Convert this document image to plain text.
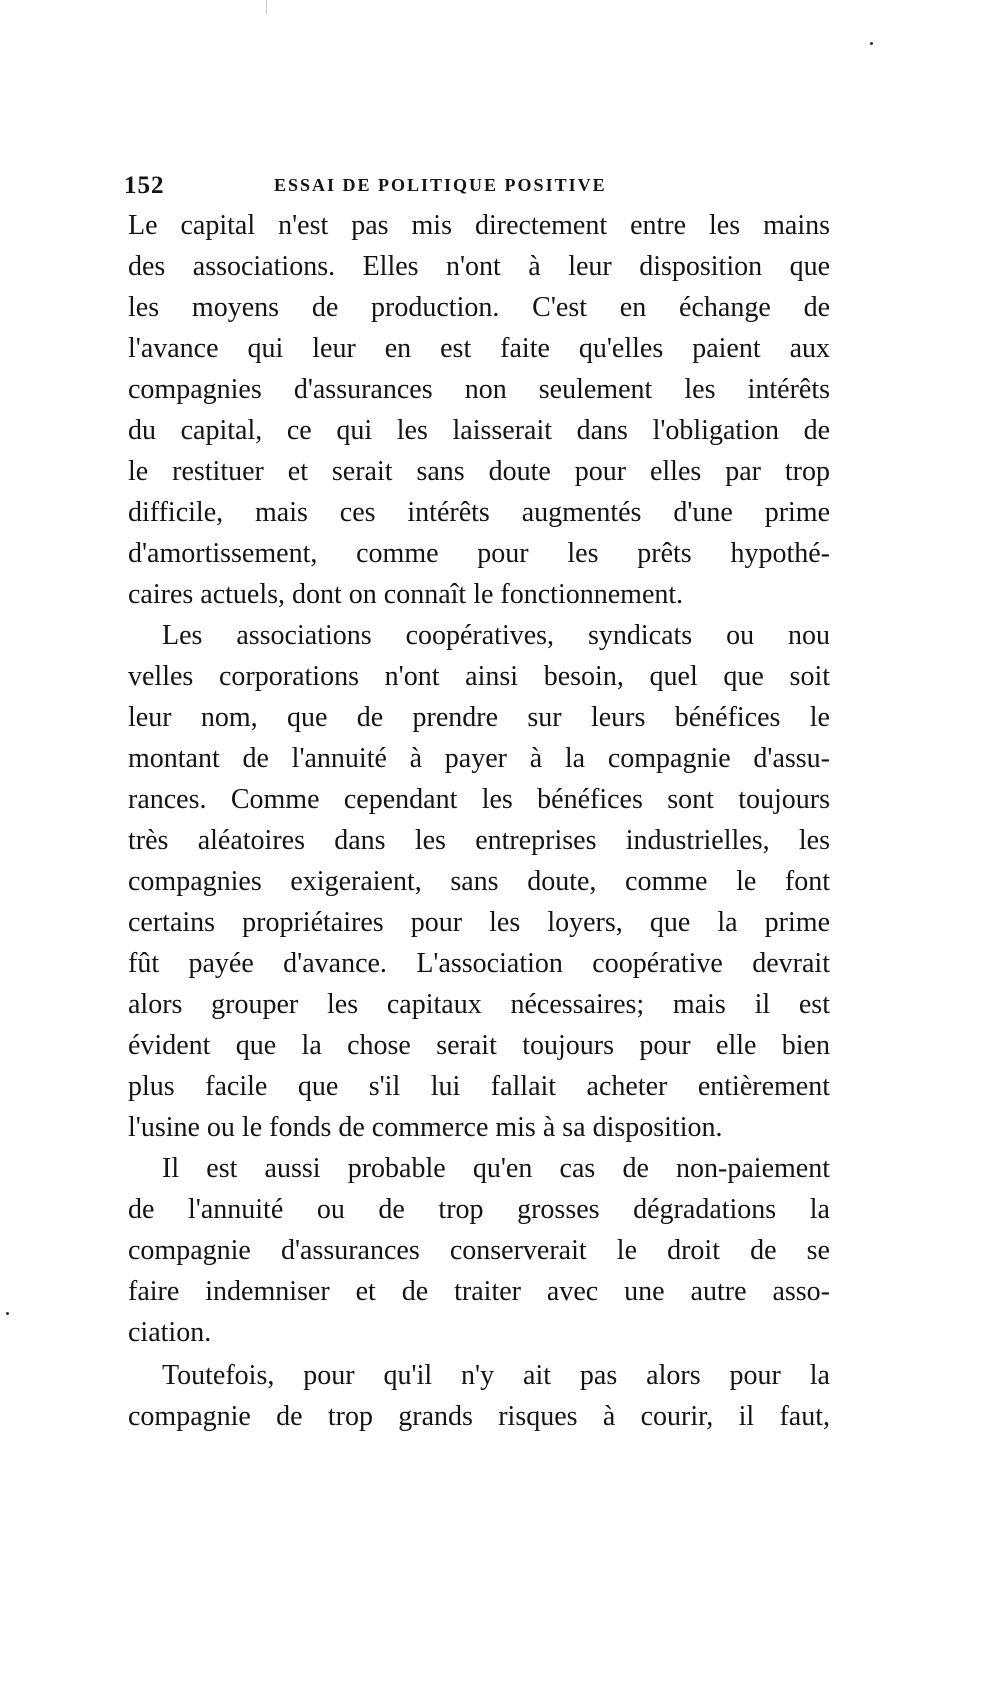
152	ESSAI DE POLITIQUE POSITIVE
Le capital n'est pas mis directement entre les mains
des associations. Elles n'ont à leur disposition que
les moyens de production. C'est en échange de
l'avance qui leur en est faite qu'elles paient aux
compagnies d'assurances non seulement les intérêts
du capital, ce qui les laisserait dans l'obligation de
le restituer et serait sans doute pour elles par trop
difficile, mais ces intérêts augmentés d'une prime
d'amortissement, comme pour les prêts hypothé-
caires actuels, dont on connaît le fonctionnement.
Les associations coopératives, syndicats ou nou
velles corporations n'ont ainsi besoin, quel que soit
leur nom, que de prendre sur leurs bénéfices le
montant de l'annuité à payer à la compagnie d'assu-
rances. Comme cependant les bénéfices sont toujours
très aléatoires dans les entreprises industrielles, les
compagnies exigeraient, sans doute, comme le font
certains propriétaires pour les loyers, que la prime
fût payée d'avance. L'association coopérative devrait
alors grouper les capitaux nécessaires; mais il est
évident que la chose serait toujours pour elle bien
plus facile que s'il lui fallait acheter entièrement
l'usine ou le fonds de commerce mis à sa disposition.
Il est aussi probable qu'en cas de non-paiement
de l'annuité ou de trop grosses dégradations la
compagnie d'assurances conserverait le droit de se
faire indemniser et de traiter avec une autre asso-
ciation.
Toutefois, pour qu'il n'y ait pas alors pour la
compagnie de trop grands risques à courir, il faut,
